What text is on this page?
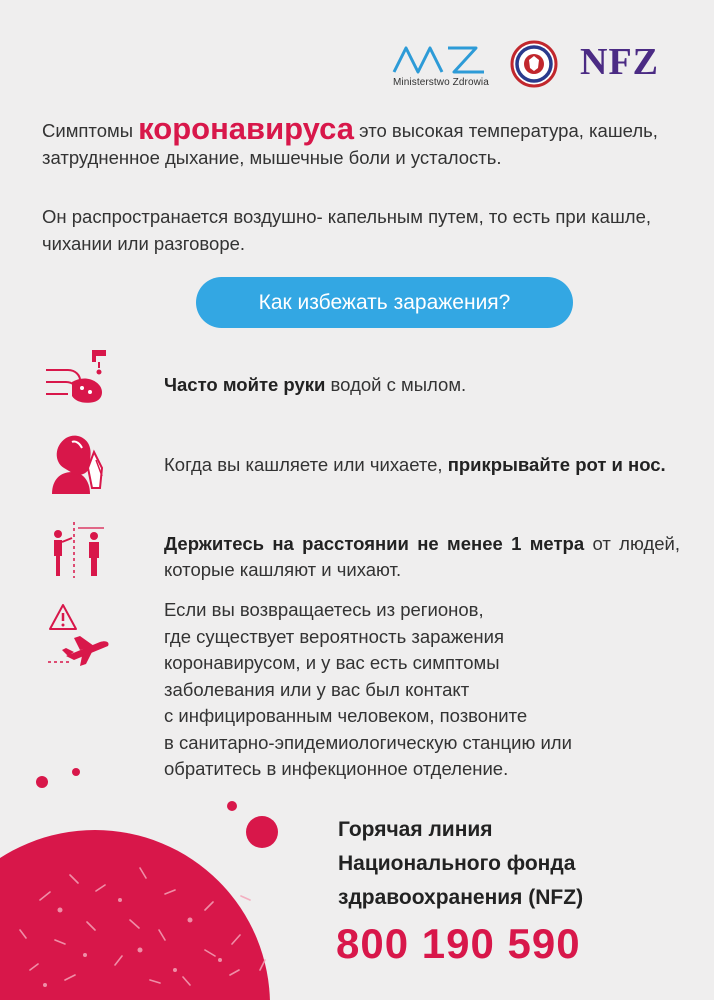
Ministerstwo Zdrowia NFZ
Симптомы коронавируса это высокая температура, кашель, затрудненное дыхание, мышечные боли и усталость.
Он распространается воздушно- капельным путем, то есть при кашле, чихании или разговоре.
Как избежать заражения?
Часто мойте руки водой с мылом.
Когда вы кашляете или чихаете, прикрывайте рот и нос.
Держитесь на расстоянии не менее 1 метра от людей, которые кашляют и чихают.
Если вы возвращаетесь из регионов,
где существует вероятность заражения
коронавирусом, и у вас есть симптомы
заболевания или у вас был контакт
с инфицированным человеком, позвоните
в санитарно-эпидемиологическую станцию или
обратитесь в инфекционное отделение.
Горячая линия
Национального фонда
здравоохранения (NFZ)
800 190 590
